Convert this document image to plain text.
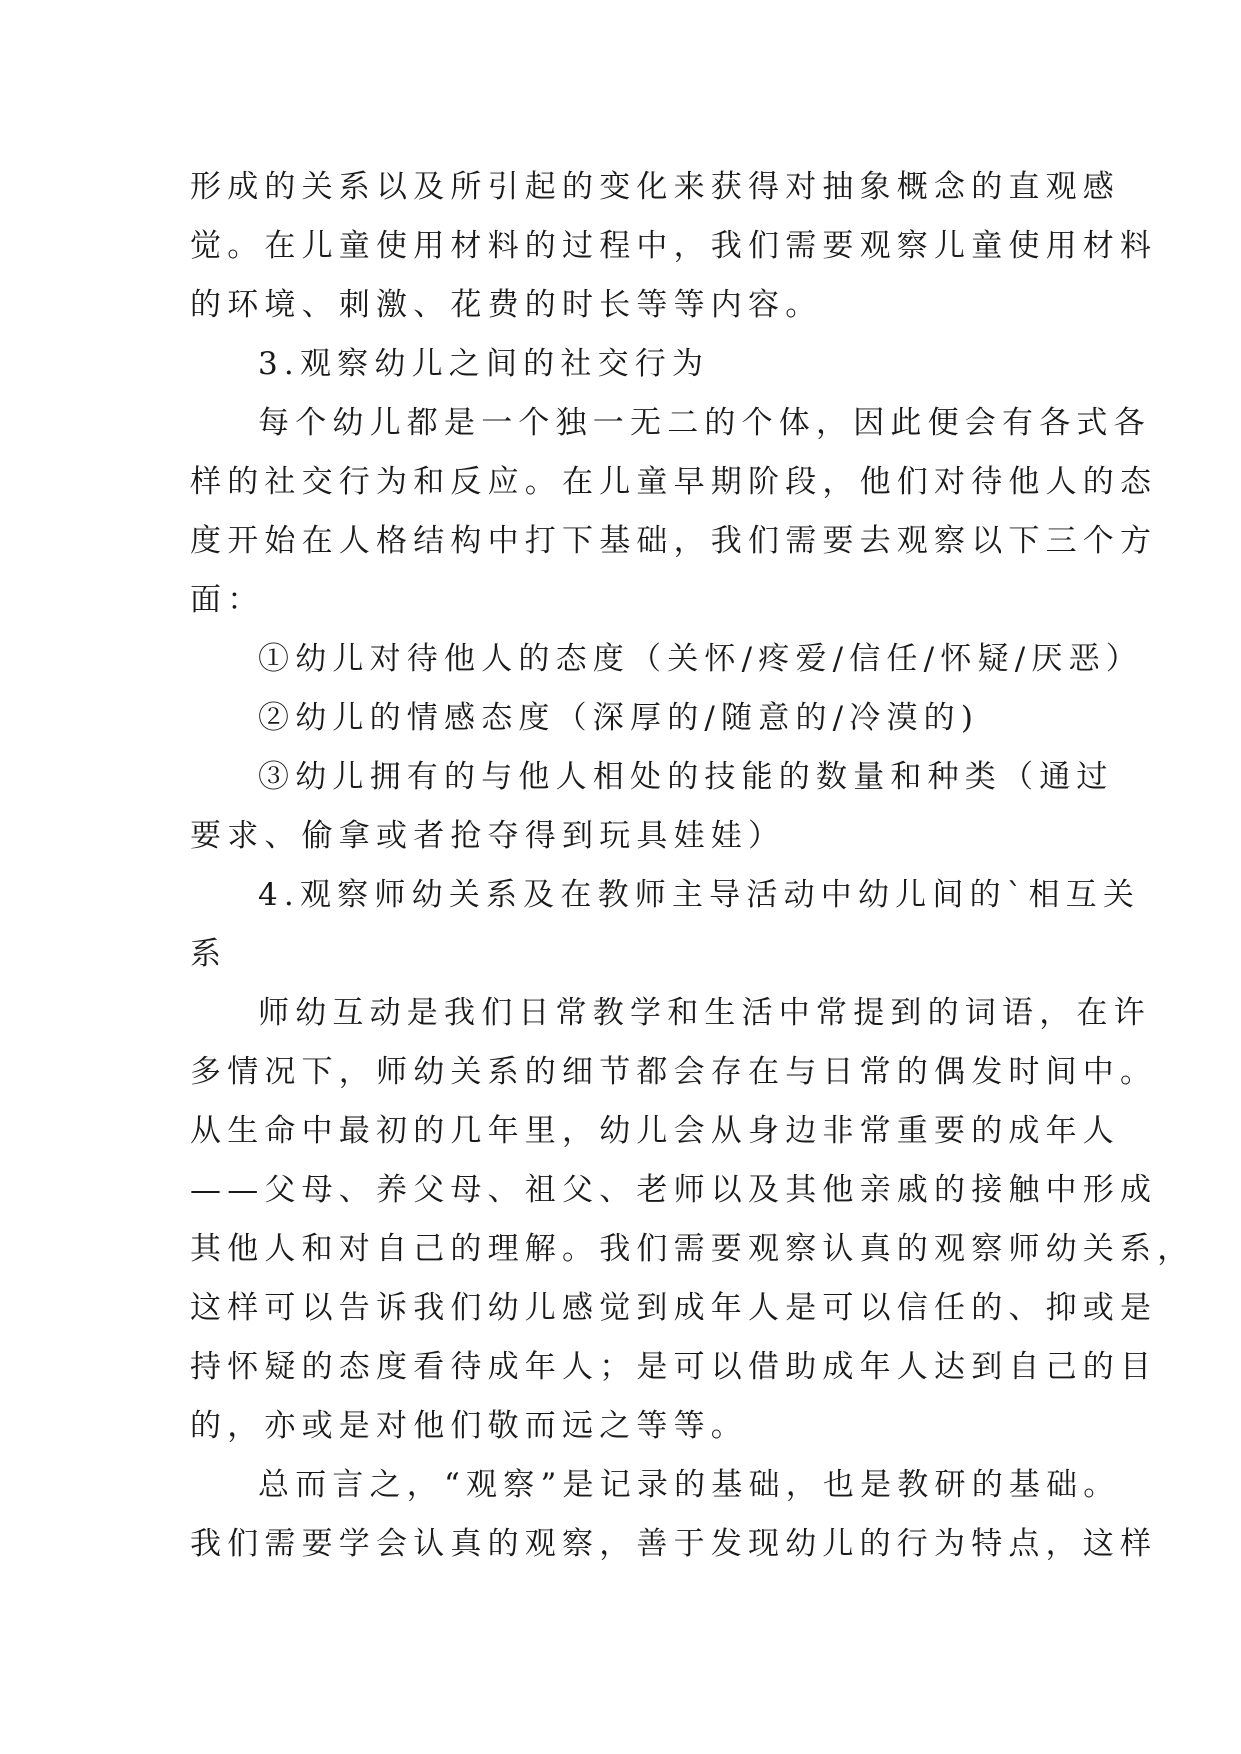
形成的关系以及所引起的变化来获得对抽象概念的直观感
觉。在儿童使用材料的过程中，我们需要观察儿童使用材料
的环境、刺激、花费的时长等等内容。
3.观察幼儿之间的社交行为
每个幼儿都是一个独一无二的个体，因此便会有各式各
样的社交行为和反应。在儿童早期阶段，他们对待他人的态
度开始在人格结构中打下基础，我们需要去观察以下三个方
面：
①幼儿对待他人的态度（关怀/疼爱/信任/怀疑/厌恶）
②幼儿的情感态度（深厚的/随意的/冷漠的)
③幼儿拥有的与他人相处的技能的数量和种类（通过
要求、偷拿或者抢夺得到玩具娃娃）
4.观察师幼关系及在教师主导活动中幼儿间的`相互关
系
师幼互动是我们日常教学和生活中常提到的词语，在许
多情况下，师幼关系的细节都会存在与日常的偶发时间中。
从生命中最初的几年里，幼儿会从身边非常重要的成年人
——父母、养父母、祖父、老师以及其他亲戚的接触中形成
其他人和对自己的理解。我们需要观察认真的观察师幼关系，
这样可以告诉我们幼儿感觉到成年人是可以信任的、抑或是
持怀疑的态度看待成年人；是可以借助成年人达到自己的目
的，亦或是对他们敬而远之等等。
总而言之，“观察”是记录的基础，也是教研的基础。
我们需要学会认真的观察，善于发现幼儿的行为特点，这样
